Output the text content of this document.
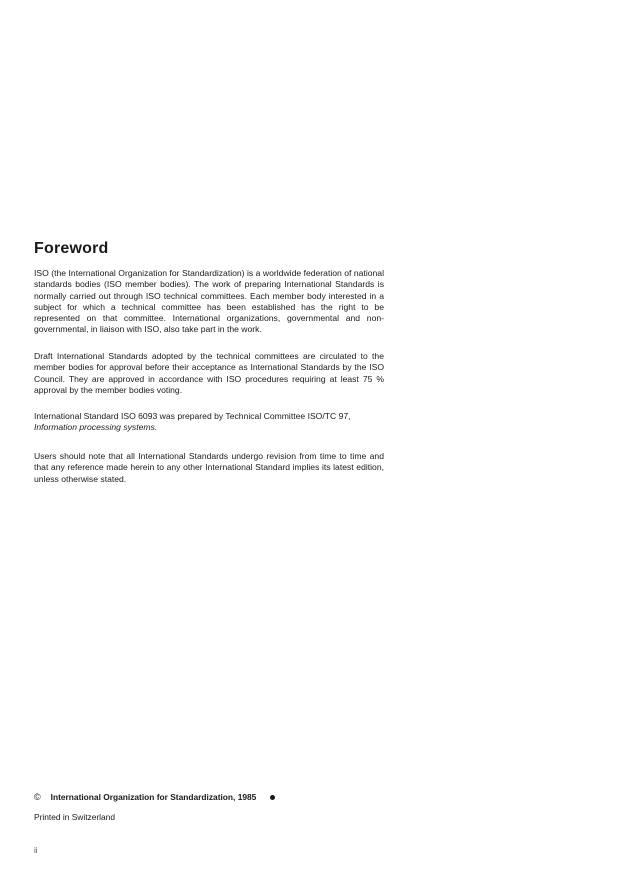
Foreword

ISO (the International Organization for Standardization) is a worldwide federation of national standards bodies (ISO member bodies). The work of preparing International Standards is normally carried out through ISO technical committees. Each member body interested in a subject for which a technical committee has been established has the right to be represented on that committee. International organizations, governmental and non-governmental, in liaison with ISO, also take part in the work.

Draft International Standards adopted by the technical committees are circulated to the member bodies for approval before their acceptance as International Standards by the ISO Council. They are approved in accordance with ISO procedures requiring at least 75 % approval by the member bodies voting.

International Standard ISO 6093 was prepared by Technical Committee ISO/TC 97,
Information processing systems.

Users should note that all International Standards undergo revision from time to time and that any reference made herein to any other International Standard implies its latest edition, unless otherwise stated.

© International Organization for Standardization, 1985
Printed in Switzerland
ii
